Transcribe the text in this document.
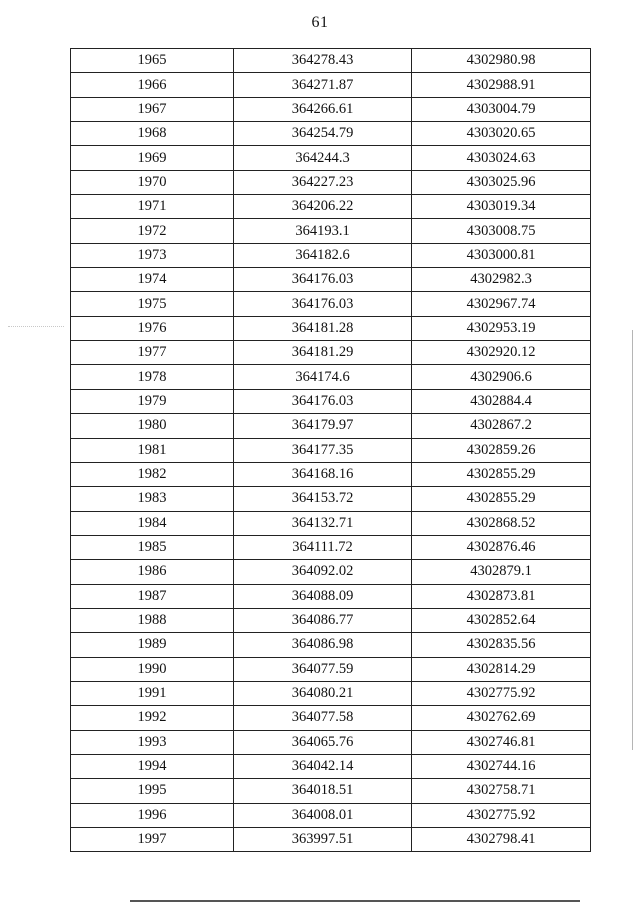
61
1965	364278.43	4302980.98
1966	364271.87	4302988.91
1967	364266.61	4303004.79
1968	364254.79	4303020.65
1969	364244.3	4303024.63
1970	364227.23	4303025.96
1971	364206.22	4303019.34
1972	364193.1	4303008.75
1973	364182.6	4303000.81
1974	364176.03	4302982.3
1975	364176.03	4302967.74
1976	364181.28	4302953.19
1977	364181.29	4302920.12
1978	364174.6	4302906.6
1979	364176.03	4302884.4
1980	364179.97	4302867.2
1981	364177.35	4302859.26
1982	364168.16	4302855.29
1983	364153.72	4302855.29
1984	364132.71	4302868.52
1985	364111.72	4302876.46
1986	364092.02	4302879.1
1987	364088.09	4302873.81
1988	364086.77	4302852.64
1989	364086.98	4302835.56
1990	364077.59	4302814.29
1991	364080.21	4302775.92
1992	364077.58	4302762.69
1993	364065.76	4302746.81
1994	364042.14	4302744.16
1995	364018.51	4302758.71
1996	364008.01	4302775.92
1997	363997.51	4302798.41
